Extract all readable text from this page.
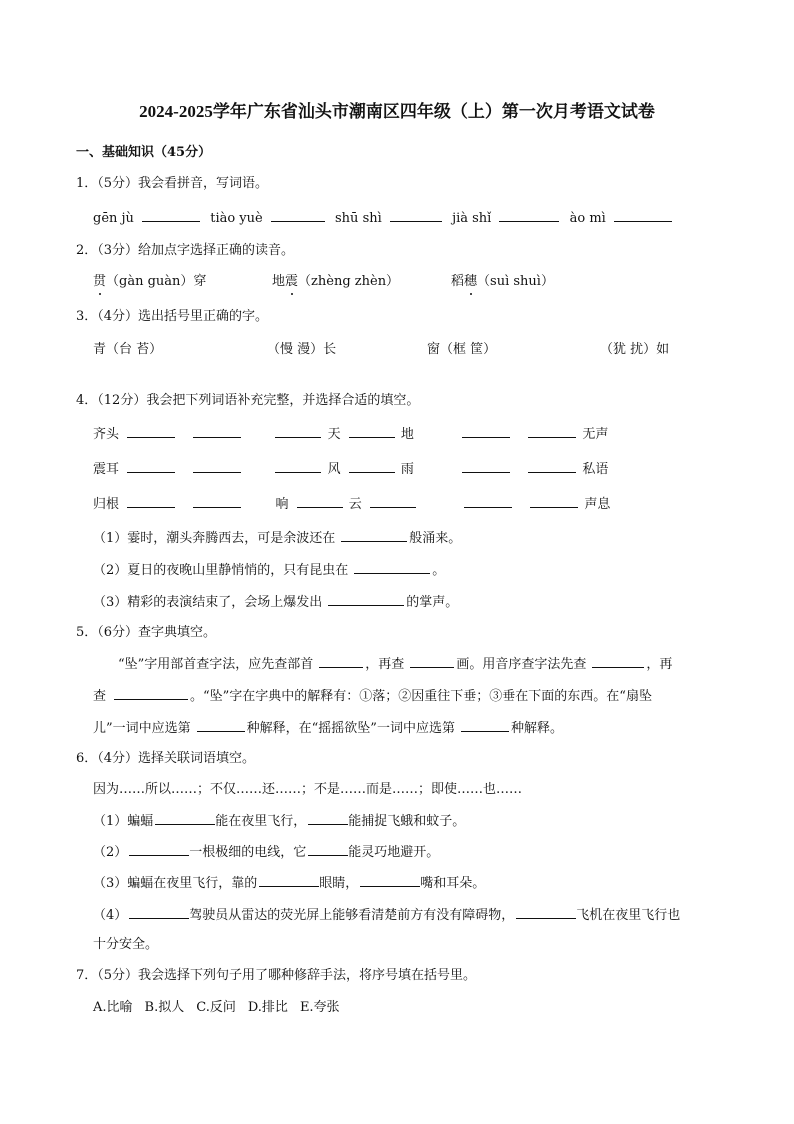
2024-2025学年广东省汕头市潮南区四年级（上）第一次月考语文试卷
一、基础知识（45分）
1．（5分）我会看拼音，写词语。
gēn jù	tiào yuè	shū shì	jià shǐ	ào mì
2．（3分）给加点字选择正确的读音。
贯（gàn guàn）穿	地震（zhèng zhèn）	稻穗（suì shuì）
3．（4分）选出括号里正确的字。
青（台 苔）	（慢 漫）长	窗（框 筐）	（犹 扰）如
4．（12分）我会把下列词语补充完整，并选择合适的填空。
齐头	天	地	无声
震耳	风	雨	私语
归根	响	云	声息
（1）霎时，潮头奔腾西去，可是余波还在	般涌来。
（2）夏日的夜晚山里静悄悄的，只有昆虫在	。
（3）精彩的表演结束了，会场上爆发出	的掌声。
5．（6分）查字典填空。
“坠”字用部首查字法，应先查部首	，再查	画。用音序查字法先查	，再
查	。“坠”字在字典中的解释有：①落；②因重往下垂；③垂在下面的东西。在“扇坠
儿”一词中应选第	种解释，在“摇摇欲坠”一词中应选第	种解释。
6．（4分）选择关联词语填空。
因为……所以……；不仅……还……；不是……而是……；即使……也……
（1）蝙蝠	能在夜里飞行，	能捕捉飞蛾和蚊子。
（2）	一根极细的电线，它	能灵巧地避开。
（3）蝙蝠在夜里飞行，靠的	眼睛，	嘴和耳朵。
（4）	驾驶员从雷达的荧光屏上能够看清楚前方有没有障碍物，	飞机在夜里飞行也
十分安全。
7．（5分）我会选择下列句子用了哪种修辞手法，将序号填在括号里。
A.比喻 B.拟人 C.反问 D.排比 E.夸张
